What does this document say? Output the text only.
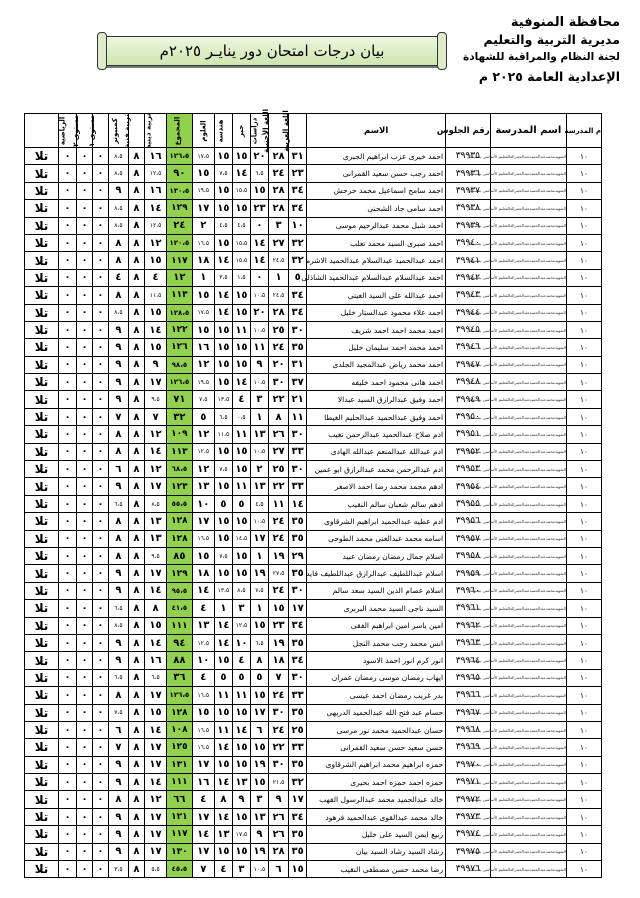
محافظة المنوفية
مديرية التربية والتعليم
لجنة النظام والمراقبة للشهادة
الإعدادية العامة ٢٠٢٥ م
بيان درجات امتحان دور ينايـر ٢٠٢٥م
م المدرسة	اسم المدرسة	رقم الجلوس	الاسم	اللغة العربية	اللغة الأجنبية	دراسات	جبر	هندسة	العلوم	المجموع	تربية دينية	تربية فنية	كمبيوتر	مستوى ١	مستوى ٢	الرياضية	
١٠	الشهيدمحمدعبدالحميدعبدالحمرالعالقعليم الأساسي بشنيشان	٣٩٩٣٥	احمد خيرى عزب ابراهيم الجبرى	٣١	٢٨	٢٠	١٥	١٥	١٧،٥	١٢٦،٥	١٦	٨	٨،٥	٠	٠	٠	تلا
١٠	الشهيدمحمدعبدالحميدعبدالحمرالعالقعليم الأساسي بشنيشان	٣٩٩٣٦	احمد رجب حسن سعيد القمرانى	٢٣	٢٤	٦،٥	١٤	٧،٥	١٥	٩٠	١٢،٥	٨	٨،٥	٠	٠	٠	تلا
١٠	الشهيدمحمدعبدالحميدعبدالحمرالعالقعليم الأساسي بشنيشان	٣٩٩٣٧	احمد سامح اسماعيل محمد حرحش	٣٤	٢٨	١٥	١٥،٥	١٥	١٩،٥	١٣٠،٥	١٦	٨	٩	٠	٠	٠	تلا
١٠	الشهيدمحمدعبدالحميدعبدالحمرالعالقعليم الأساسي بشنيشان	٣٩٩٣٨	احمد سامى جاد الشحنى	٣٤	٢٨	٢٣	١٥	١٥	١٧	١٢٩	١٤	٨	٨،٥	٠	٠	٠	تلا
١٠	الشهيدمحمدعبدالحميدعبدالحمرالعالقعليم الأساسي بشنيشان	٣٩٩٣٩	احمد شبل محمد عبدالرحيم موسى	١٠	٣	٠	٤،٥	٤،٥	٢	٢٤	١٢،٥	٨	٨،٥	٠	٠	٠	تلا
١٠	الشهيدمحمدعبدالحميدعبدالحمرالعالقعليم الأساسي بشنيشان	٣٩٩٤٠	احمد صبرى السيد محمد تعلب	٣٢	٢٧	١٤	١٥،٥	١٥	١٦،٥	١٢٠،٥	١٢	٨	٨	٠	٠	٠	تلا
١٠	الشهيدمحمدعبدالحميدعبدالحمرالعالقعليم الأساسي بشنيشان	٣٩٩٤١	احمد عبدالحميد عبدالسلام عبدالحميد الاشرم	٣٢	٢٤،٥	١٤	١٥،٥	١٤	١٨	١١٧	١٥	٨	٨	٠	٠	٠	تلا
١٠	الشهيدمحمدعبدالحميدعبدالحمرالعالقعليم الأساسي بشنيشان	٣٩٩٤٢	احمد عبدالسلام عبدالسلام عبدالحميد الشاذلى	٥	١	٠	١،٥	٣،٥	١	١٢	٤	٨	٤	٠	٠	٠	تلا
١٠	الشهيدمحمدعبدالحميدعبدالحمرالعالقعليم الأساسي بشنيشان	٣٩٩٤٣	احمد عبدالله على السيد الغيتى	٣٤	٢٤،٥	١٠،٥	١٥	١٤	١٥	١١٣	١١،٥	٨	٨	٠	٠	٠	تلا
١٠	الشهيدمحمدعبدالحميدعبدالحمرالعالقعليم الأساسي بشنيشان	٣٩٩٤٤	احمد علاء محمود عبدالستار خليل	٣٤	٢٨	٢٠	١٥	١٤	١٧،٥	١٢٨،٥	١٥	٨	٨،٥	٠	٠	٠	تلا
١٠	الشهيدمحمدعبدالحميدعبدالحمرالعالقعليم الأساسي بشنيشان	٣٩٩٤٥	احمد محمد احمد احمد شريف	٣٠	٢٥	١٠،٥	١١	١٥	١٥	١٢٢	١٤	٨	٩	٠	٠	٠	تلا
١٠	الشهيدمحمدعبدالحميدعبدالحمرالعالقعليم الأساسي بشنيشان	٣٩٩٤٦	احمد محمد احمد سليمان خليل	٣٥	٢٤	١١	١٥	١٥	١٦	١٢٦	١٥	٨	٩	٠	٠	٠	تلا
١٠	الشهيدمحمدعبدالحميدعبدالحمرالعالقعليم الأساسي بشنيشان	٣٩٩٤٧	احمد محمد رياض عبدالمجيد الجلدى	٣١	٢٠	٩	١٥	١٥	١٢	٩٨،٥	٩	٨	٩	٠	٠	٠	تلا
١٠	الشهيدمحمدعبدالحميدعبدالحمرالعالقعليم الأساسي بشنيشان	٣٩٩٤٨	احمد هانى محمود احمد خليفه	٣٧	٣٠	١٠،٥	١٤	١٥	١٩،٥	١٢٦،٥	١٧	٨	٩	٠	٠	٠	تلا
١٠	الشهيدمحمدعبدالحميدعبدالحمرالعالقعليم الأساسي بشنيشان	٣٩٩٤٩	احمد وفيق عبدالرازق السيد عبدالا	٢١	٢٢	٣	٤	١٣،٥	٧،٥	٧١	٩،٥	٨	٩	٠	٠	٠	تلا
١٠	الشهيدمحمدعبدالحميدعبدالحمرالعالقعليم الأساسي بشنيشان	٣٩٩٥٠	احمد وفيق عبدالحميد عبدالحليم الغيطا	١١	٨	١	٠،٥	٦،٥	٥	٣٢	٧	٨	٧	٠	٠	٠	تلا
١٠	الشهيدمحمدعبدالحميدعبدالحمرالعالقعليم الأساسي بشنيشان	٣٩٩٥١	ادم صلاح عبدالحميد عبدالرحمن تغيب	٣٠	٢٦	١٣	١١	١١،٥	١٢	١٠٩	١٢	٨	٨	٠	٠	٠	تلا
١٠	الشهيدمحمدعبدالحميدعبدالحمرالعالقعليم الأساسي بشنيشان	٣٩٩٥٢	ادم عبدالله عبدالمنعم عبدالله الهادى	٣٣	٢٧	١٠،٥	١٥	١٥	١٢،٥	١١٣	١٤	٨	٨	٠	٠	٠	تلا
١٠	الشهيدمحمدعبدالحميدعبدالحمرالعالقعليم الأساسي بشنيشان	٣٩٩٥٣	ادم عبدالرحمن محمد عبدالرازق ابو عمين	٣٠	٢٥	٢	١٥	٧،٥	١٢	٦٨،٥	١٢	٨	٦	٠	٠	٠	تلا
١٠	الشهيدمحمدعبدالحميدعبدالحمرالعالقعليم الأساسي بشنيشان	٣٩٩٥٤	ادهم محمد محمد رضا احمد الاصغر	٣٣	٢٢	١٣	١١	١٥	١٣	١٢٣	١٧	٨	٩	٠	٠	٠	تلا
١٠	الشهيدمحمدعبدالحميدعبدالحمرالعالقعليم الأساسي بشنيشان	٣٩٩٥٥	ادهم سالم شعبان سالم النقيب	١٤	١١	٤،٥	٥	٥	١٠	٥٥،٥	٨،٥	٨	٦،٥	٠	٠	٠	تلا
١٠	الشهيدمحمدعبدالحميدعبدالحمرالعالقعليم الأساسي بشنيشان	٣٩٩٥٦	ادم عطيه عبدالحميد ابراهيم الشرقاوى	٣٥	٢٤	١٠،٥	١٥	١٥	١٧	١٢٨	١٣	٨	٨	٠	٠	٠	تلا
١٠	الشهيدمحمدعبدالحميدعبدالحمرالعالقعليم الأساسي بشنيشان	٣٩٩٥٧	اسامه محمد عبدالغنى محمد الطوحى	٣٥	٢٤	١٧	١٤،٥	١٥	١٦،٥	١٢٨	١٣	٨	٨	٠	٠	٠	تلا
١٠	الشهيدمحمدعبدالحميدعبدالحمرالعالقعليم الأساسي بشنيشان	٣٩٩٥٨	اسلام جمال رمضان رمضان عبيد	٢٩	١٩	١	١٥	٧،٥	١٥	٨٥	٩،٥	٨	٨	٠	٠	٠	تلا
١٠	الشهيدمحمدعبدالحميدعبدالحمرالعالقعليم الأساسي بشنيشان	٣٩٩٥٩	اسلام عبداللطيف عبدالرازق عبداللطيف فايد	٣٥	٢٧،٥	١٩	١٥	١٥	١٨	١٢٩	١٧	٨	٩	٠	٠	٠	تلا
١٠	الشهيدمحمدعبدالحميدعبدالحمرالعالقعليم الأساسي بشنيشان	٣٩٩٦٠	اسلام عصام الدين السيد سعد سالم	٣٠	٢٤	٧،٥	٨،٥	١٣،٥	١٤	٩٥،٥	١٤	٨	٩	٠	٠	٠	تلا
١٠	الشهيدمحمدعبدالحميدعبدالحمرالعالقعليم الأساسي بشنيشان	٣٩٩٦١	السيد ناجى السيد محمد البربرى	١٧	١٥	١	٣	١	٤	٤١،٥	٨	٨	٦،٥	٠	٠	٠	تلا
١٠	الشهيدمحمدعبدالحميدعبدالحمرالعالقعليم الأساسي بشنيشان	٣٩٩٦٢	امين ياسر امين ابراهيم الفقى	٣٤	٢٣	١٥	١٢،٥	١٤	١٣	١١١	١٥	٨	٨،٥	٠	٠	٠	تلا
١٠	الشهيدمحمدعبدالحميدعبدالحمرالعالقعليم الأساسي بشنيشان	٣٩٩٦٣	انس محمد رجب محمد النجل	٣٥	١٩	٦،٥	١٠	١٤	١٢،٥	٩٤	١٤	٨	٩	٠	٠	٠	تلا
١٠	الشهيدمحمدعبدالحميدعبدالحمرالعالقعليم الأساسي بشنيشان	٣٩٩٦٤	انور كرم انور احمد الاسود	٣٤	١٨	٨	٤	١٥	١٠	٨٨	١٦	٨	٩	٠	٠	٠	تلا
١٠	الشهيدمحمدعبدالحميدعبدالحمرالعالقعليم الأساسي بشنيشان	٣٩٩٦٥	ايهاب رمضان موسى رمضان عمران	٣٠	٧	٥	٥	٥	٤	٣٦	٦،٥	٨	٦،٥	٠	٠	٠	تلا
١٠	الشهيدمحمدعبدالحميدعبدالحمرالعالقعليم الأساسي بشنيشان	٣٩٩٦٦	بدر غريب رمضان احمد عيسى	٣٣	٢٤	١٥	١١	١١	١٦،٥	١٢٦،٥	١٧	٨	٨	٠	٠	٠	تلا
١٠	الشهيدمحمدعبدالحميدعبدالحمرالعالقعليم الأساسي بشنيشان	٣٩٩٦٧	حسام عبد فتح الله عبدالحميد الدريهى	٣٥	٣٠	١٧	١٥	١٥	١٥	١٢٨	١٥	٨	٧،٥	٠	٠	٠	تلا
١٠	الشهيدمحمدعبدالحميدعبدالحمرالعالقعليم الأساسي بشنيشان	٣٩٩٦٨	حسان عبدالحميد محمد نور مرسى	٢٥	٢٤	٦	١٤	١١	١٦،٥	١٠٨	١٤	٨	٦	٠	٠	٠	تلا
١٠	الشهيدمحمدعبدالحميدعبدالحمرالعالقعليم الأساسي بشنيشان	٣٩٩٦٩	حسن سعيد حسن سعيد القمرانى	٣٣	٢٢	١٥	١٥	١٤	١٦،٥	١٢٥	١٧	٨	٧	٠	٠	٠	تلا
١٠	الشهيدمحمدعبدالحميدعبدالحمرالعالقعليم الأساسي بشنيشان	٣٩٩٧٠	حمزه ابراهيم محمد ابراهيم الشرقاوى	٣٥	٣٠	١٩	١٥	١٥	١٧	١٣١	١٧	٨	٩	٠	٠	٠	تلا
١٠	الشهيدمحمدعبدالحميدعبدالحمرالعالقعليم الأساسي بشنيشان	٣٩٩٧١	حمزه احمد حمزه احمد بحيرى	٣٢	٢١،٥	١٥	١٣	١٤	١٦	١١١	١٤	٨	٩	٠	٠	٠	تلا
١٠	الشهيدمحمدعبدالحميدعبدالحمرالعالقعليم الأساسي بشنيشان	٣٩٩٧٢	خالد عبدالحميد محمد عبدالرسول القهب	١٧	٩	٣	٩	٨	٤	٦٦	١٢	٨	٨	٠	٠	٠	تلا
١٠	الشهيدمحمدعبدالحميدعبدالحمرالعالقعليم الأساسي بشنيشان	٣٩٩٧٣	خالد محمد عبدالقوى عبدالحميد فرهود	٣٤	٢٦	١٣	١٥	١٤	١٧	١٢١	١٧	٨	٩	٠	٠	٠	تلا
١٠	الشهيدمحمدعبدالحميدعبدالحمرالعالقعليم الأساسي بشنيشان	٣٩٩٧٤	ربيع ايمن السيد على خليل	٣٥	٢٦	٩	١٧،٥	١٣	١٤	١١٧	١٧	٨	٩	٠	٠	٠	تلا
١٠	الشهيدمحمدعبدالحميدعبدالحمرالعالقعليم الأساسي بشنيشان	٣٩٩٧٥	رشاد السيد رشاد السيد بيان	٣٥	٢٨	١٩	١٥	١٥	١٧	١٣٠	١٧	٨	٩	٠	٠	٠	تلا
١٠	الشهيدمحمدعبدالحميدعبدالحمرالعالقعليم الأساسي بشنيشان	٣٩٩٧٦	رضا محمد حسن مصطفى النقيب	١٥	٦	١٠،٥	٣	٤	٧	٤٥،٥	٥،٥	٨	٣،٥	٠	٠	٠	تلا
